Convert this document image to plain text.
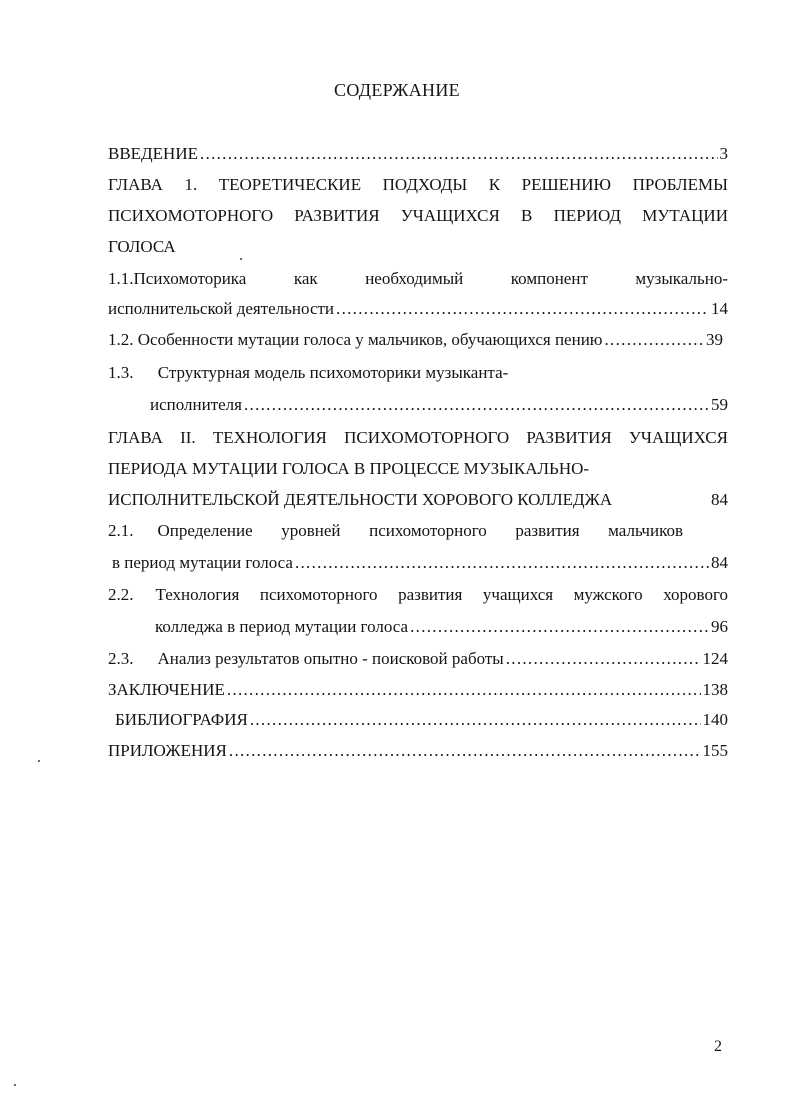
СОДЕРЖАНИЕ
ВВЕДЕНИЕ .....	3
ГЛАВА 1. ТЕОРЕТИЧЕСКИЕ ПОДХОДЫ К РЕШЕНИЮ ПРОБЛЕМЫ
ПСИХОМОТОРНОГО РАЗВИТИЯ УЧАЩИХСЯ В ПЕРИОД МУТАЦИИ
ГОЛОСА
1.1.Психомоторика как необходимый компонент музыкально-
исполнительской деятельности .....	14
1.2. Особенности мутации голоса у мальчиков, обучающихся пению .....	39
1.3. Структурная модель психомоторики музыканта-
исполнителя .....	59
ГЛАВА II. ТЕХНОЛОГИЯ ПСИХОМОТОРНОГО РАЗВИТИЯ УЧАЩИХСЯ
ПЕРИОДА МУТАЦИИ ГОЛОСА В ПРОЦЕССЕ МУЗЫКАЛЬНО-
ИСПОЛНИТЕЛЬСКОЙ ДЕЯТЕЛЬНОСТИ ХОРОВОГО КОЛЛЕДЖА	84
2.1. Определение уровней психомоторного развития мальчиков
в период мутации голоса .....	84
2.2. Технология психомоторного развития учащихся мужского хорового
колледжа в период мутации голоса .....	96
2.3. Анализ результатов опытно - поисковой работы .....	124
ЗАКЛЮЧЕНИЕ .....	138
БИБЛИОГРАФИЯ .....	140
ПРИЛОЖЕНИЯ .....	155
2
